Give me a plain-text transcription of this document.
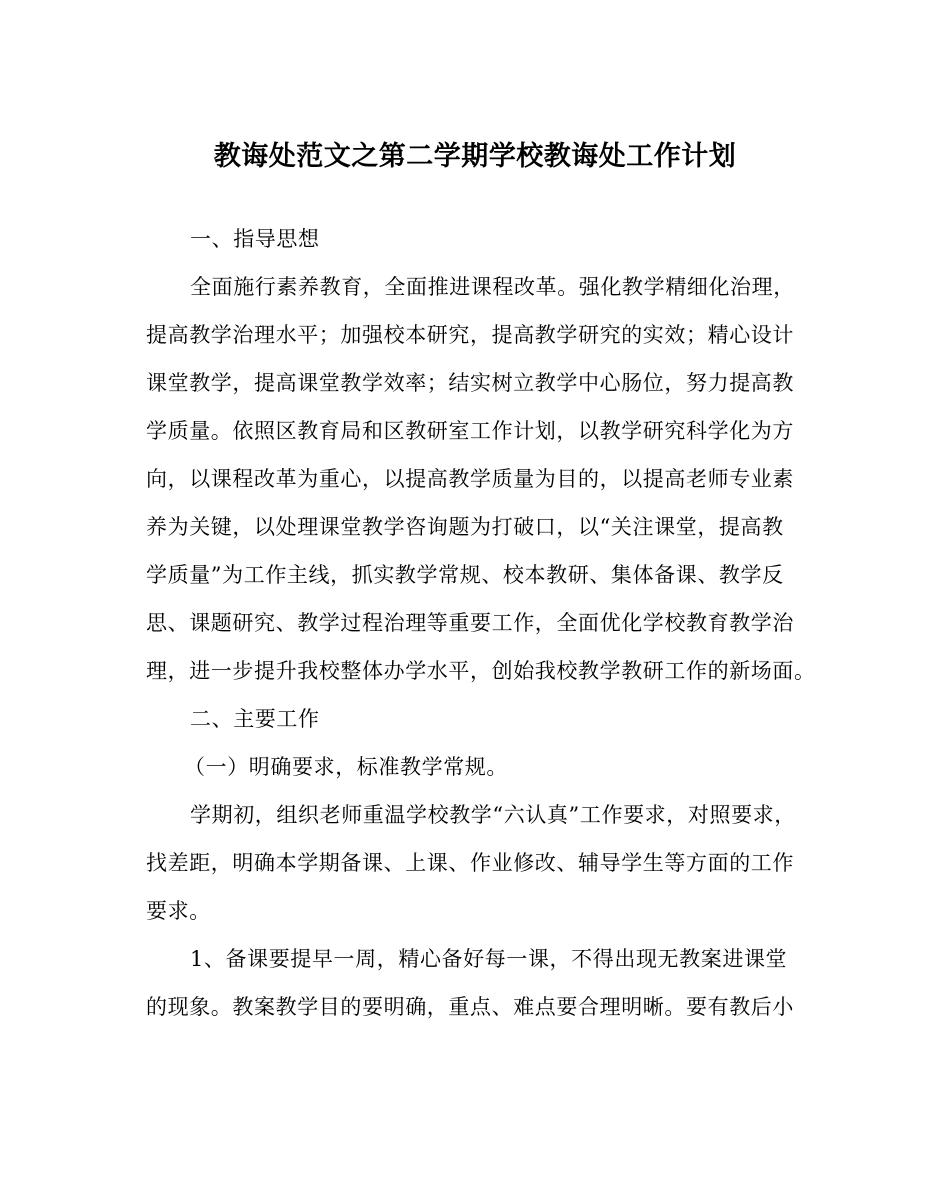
教诲处范文之第二学期学校教诲处工作计划
一、指导思想
全面施行素养教育，全面推进课程改革。强化教学精细化治理，
提高教学治理水平；加强校本研究，提高教学研究的实效；精心设计
课堂教学，提高课堂教学效率；结实树立教学中心肠位，努力提高教
学质量。依照区教育局和区教研室工作计划，以教学研究科学化为方
向，以课程改革为重心，以提高教学质量为目的，以提高老师专业素
养为关键，以处理课堂教学咨询题为打破口，以“关注课堂，提高教
学质量”为工作主线，抓实教学常规、校本教研、集体备课、教学反
思、课题研究、教学过程治理等重要工作，全面优化学校教育教学治
理，进一步提升我校整体办学水平，创始我校教学教研工作的新场面。
二、主要工作
（一）明确要求，标准教学常规。
学期初，组织老师重温学校教学“六认真”工作要求，对照要求，
找差距，明确本学期备课、上课、作业修改、辅导学生等方面的工作
要求。
1、备课要提早一周，精心备好每一课，不得出现无教案进课堂
的现象。教案教学目的要明确，重点、难点要合理明晰。要有教后小
